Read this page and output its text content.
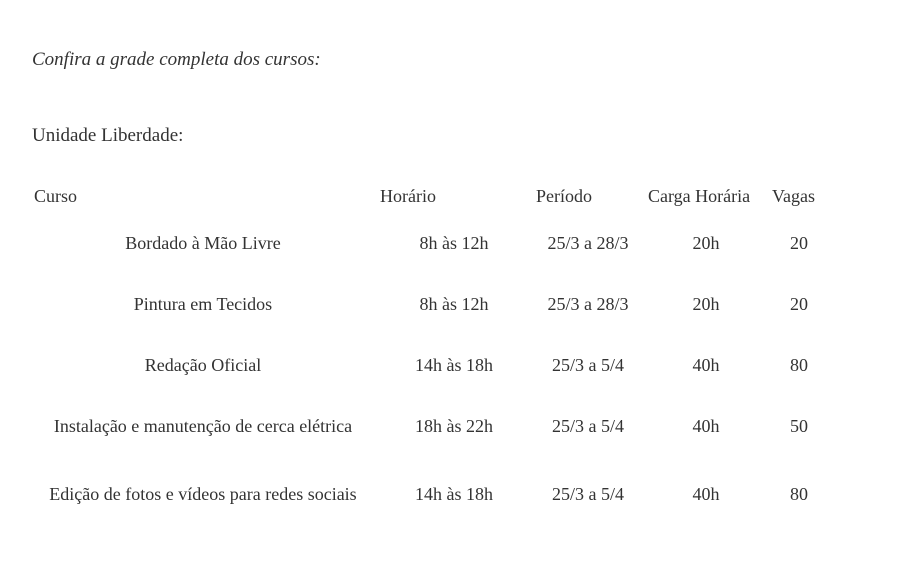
Confira a grade completa dos cursos:

Unidade Liberdade:

Curso	Horário	Período	Carga Horária	Vagas
Bordado à Mão Livre	8h às 12h	25/3 a 28/3	20h	20
Pintura em Tecidos	8h às 12h	25/3 a 28/3	20h	20
Redação Oficial	14h às 18h	25/3 a 5/4	40h	80
Instalação e manutenção de cerca elétrica	18h às 22h	25/3 a 5/4	40h	50
Edição de fotos e vídeos para redes sociais	14h às 18h	25/3 a 5/4	40h	80
